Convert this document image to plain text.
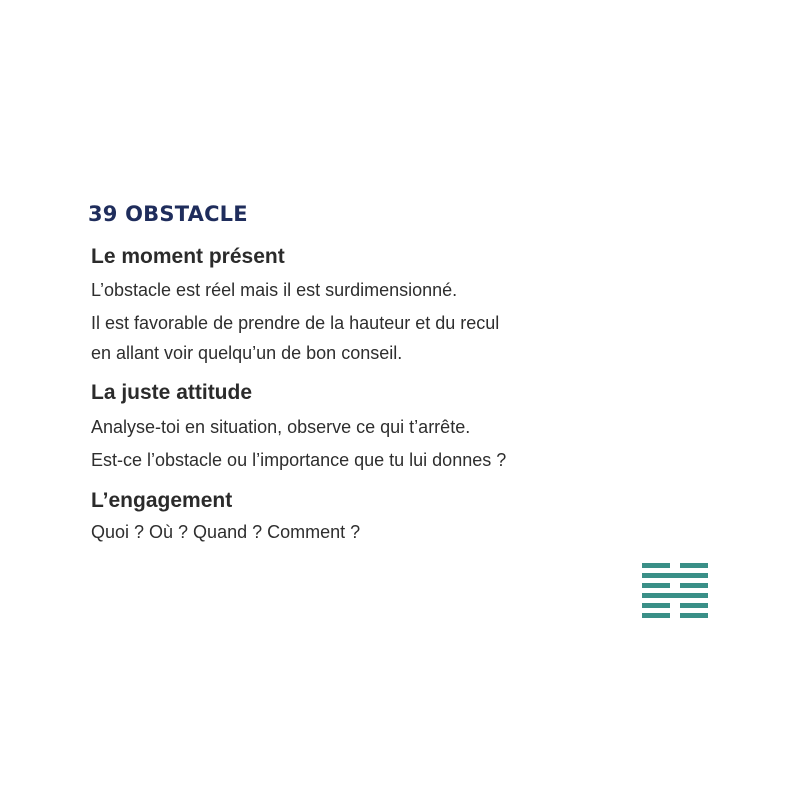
39 OBSTACLE
Le moment présent
L’obstacle est réel mais il est surdimensionné.
Il est favorable de prendre de la hauteur et du recul
en allant voir quelqu’un de bon conseil.
La juste attitude
Analyse-toi en situation, observe ce qui t’arrête.
Est-ce l’obstacle ou l’importance que tu lui donnes ?
L’engagement
Quoi ? Où ? Quand ? Comment ?
